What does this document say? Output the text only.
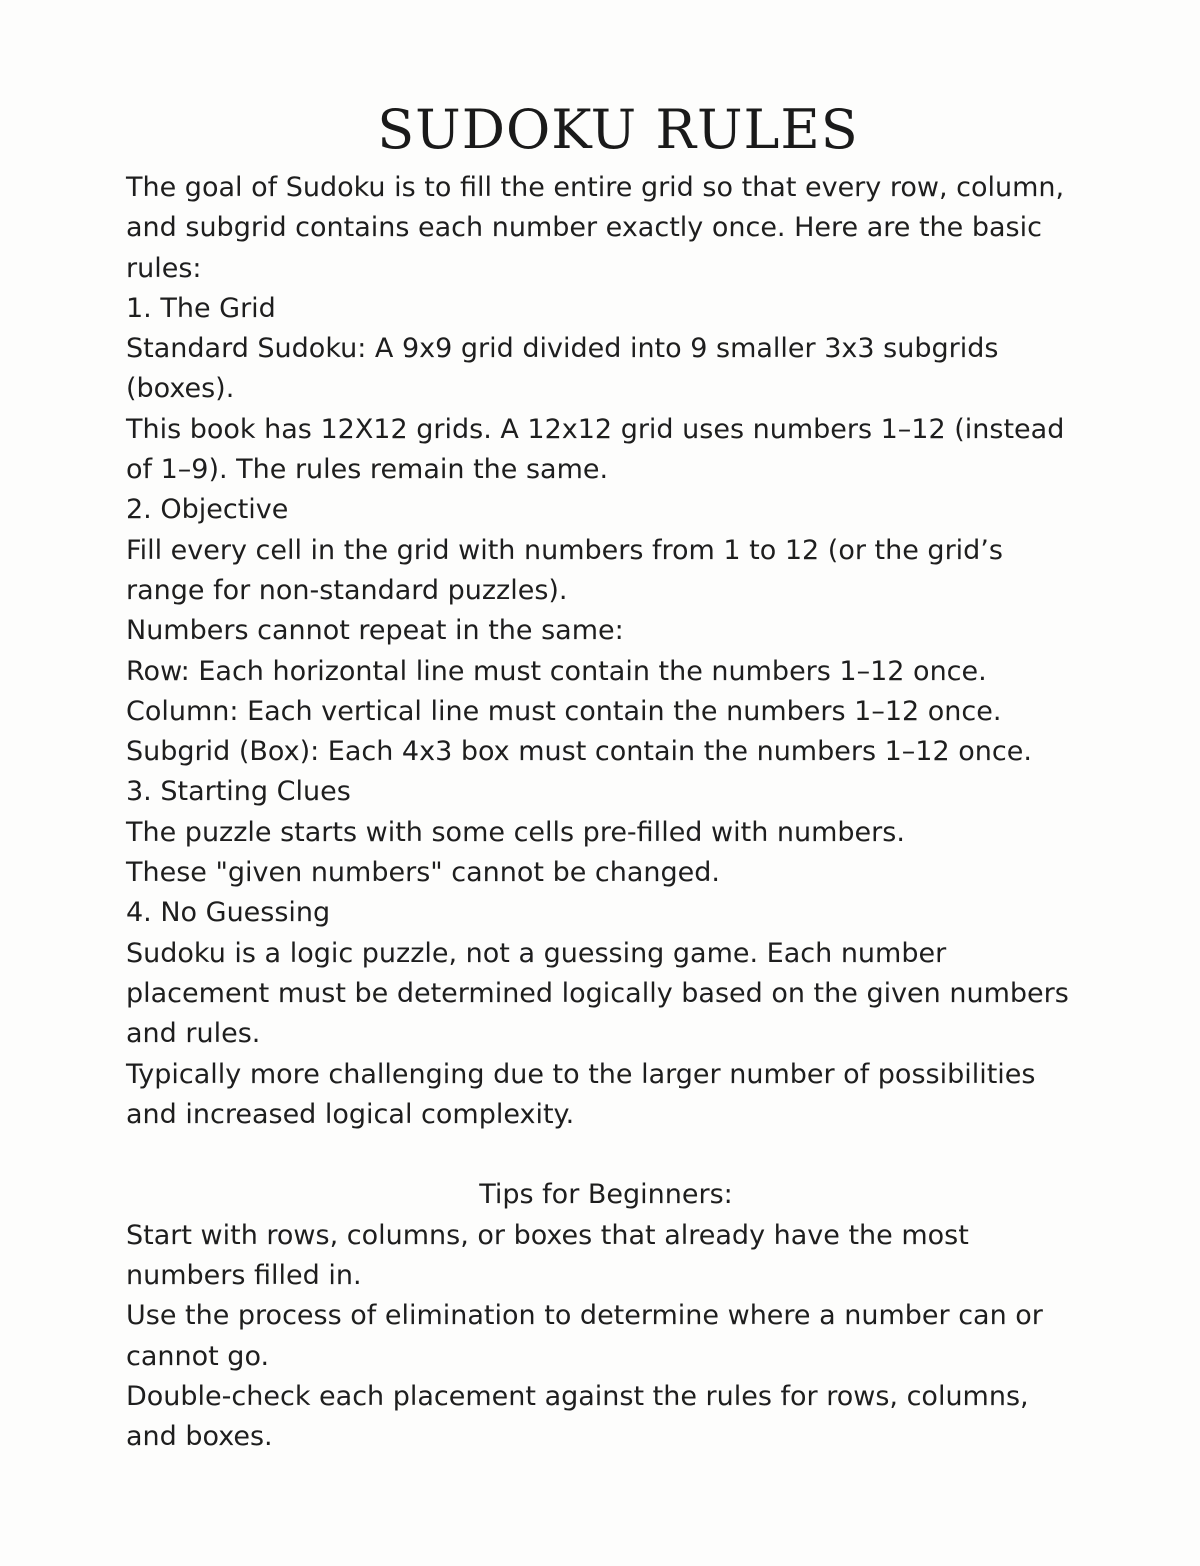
SUDOKU RULES
The goal of Sudoku is to fill the entire grid so that every row, column,
and subgrid contains each number exactly once. Here are the basic
rules:
1. The Grid
Standard Sudoku: A 9x9 grid divided into 9 smaller 3x3 subgrids
(boxes).
This book has 12X12 grids. A 12x12 grid uses numbers 1–12 (instead
of 1–9). The rules remain the same.
2. Objective
Fill every cell in the grid with numbers from 1 to 12 (or the grid’s
range for non-standard puzzles).
Numbers cannot repeat in the same:
Row: Each horizontal line must contain the numbers 1–12 once.
Column: Each vertical line must contain the numbers 1–12 once.
Subgrid (Box): Each 4x3 box must contain the numbers 1–12 once.
3. Starting Clues
The puzzle starts with some cells pre-filled with numbers.
These "given numbers" cannot be changed.
4. No Guessing
Sudoku is a logic puzzle, not a guessing game. Each number
placement must be determined logically based on the given numbers
and rules.
Typically more challenging due to the larger number of possibilities
and increased logical complexity.
Tips for Beginners:
Start with rows, columns, or boxes that already have the most
numbers filled in.
Use the process of elimination to determine where a number can or
cannot go.
Double-check each placement against the rules for rows, columns,
and boxes.
